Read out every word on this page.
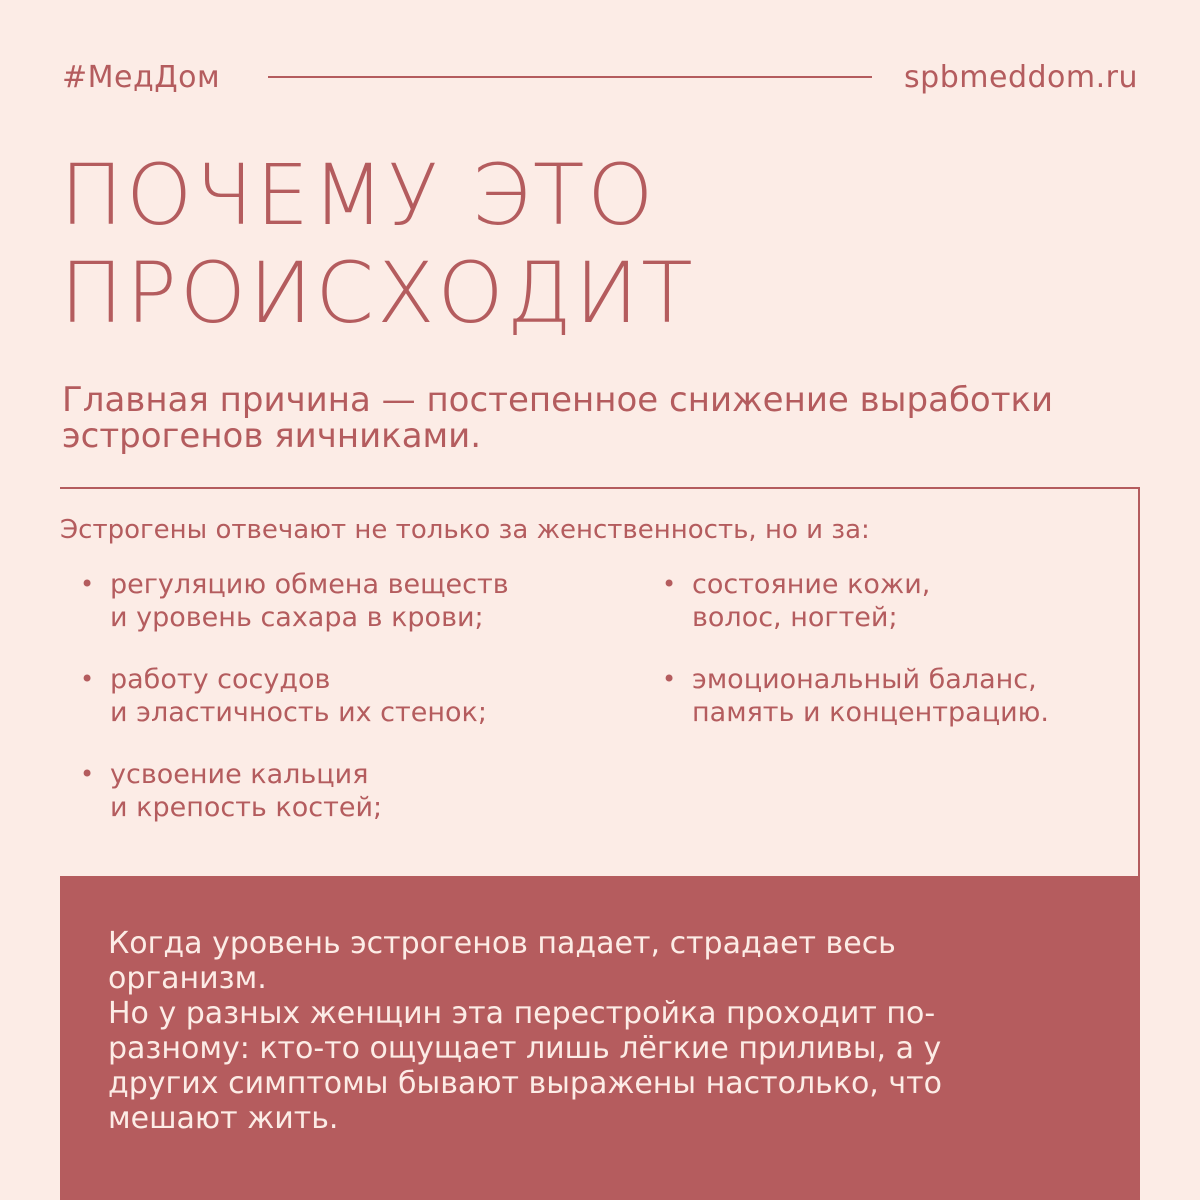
#МедДом	spbmeddom.ru
ПОЧЕМУ ЭТО
ПРОИСХОДИТ

Главная причина — постепенное снижение выработки эстрогенов яичниками.

Эстрогены отвечают не только за женственность, но и за:
• регуляцию обмена веществ
и уровень сахара в крови;
• работу сосудов
и эластичность их стенок;
• усвоение кальция
и крепость костей;
• состояние кожи,
волос, ногтей;
• эмоциональный баланс,
память и концентрацию.

Когда уровень эстрогенов падает, страдает весь организм.
Но у разных женщин эта перестройка проходит по-разному: кто-то ощущает лишь лёгкие приливы, а у других симптомы бывают выражены настолько, что мешают жить.
